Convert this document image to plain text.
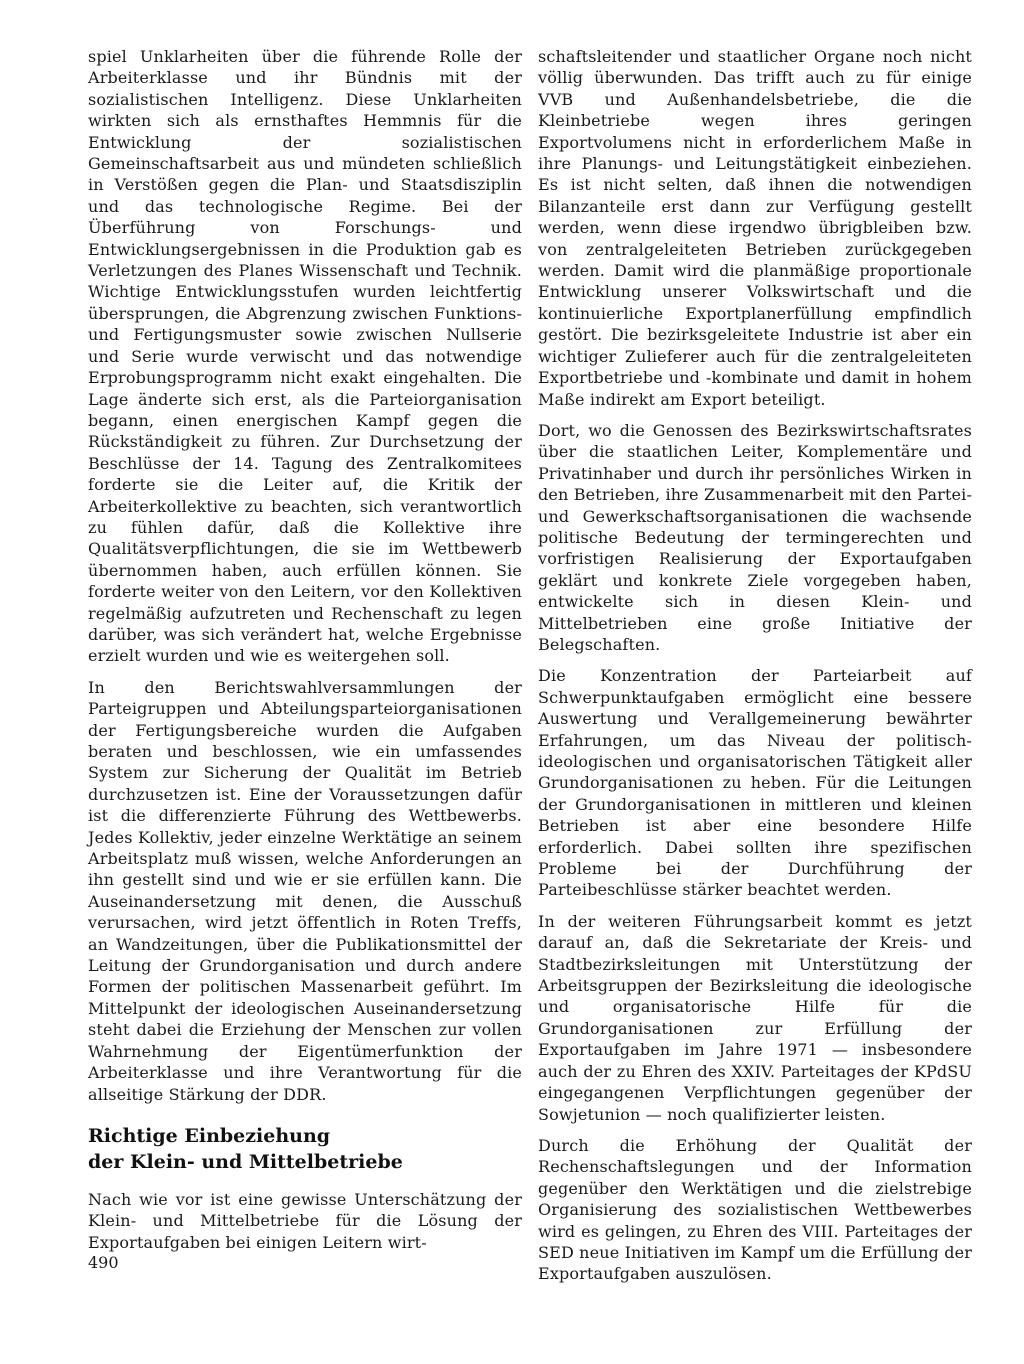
spiel Unklarheiten über die führende Rolle der Arbeiterklasse und ihr Bündnis mit der sozialistischen Intelligenz. Diese Unklarheiten wirkten sich als ernsthaftes Hemmnis für die Entwicklung der sozialistischen Gemeinschaftsarbeit aus und mündeten schließlich in Verstößen gegen die Plan- und Staatsdisziplin und das technologische Regime. Bei der Überführung von Forschungs- und Entwicklungsergebnissen in die Produktion gab es Verletzungen des Planes Wissenschaft und Technik. Wichtige Entwicklungsstufen wurden leichtfertig übersprungen, die Abgrenzung zwischen Funktions- und Fertigungsmuster sowie zwischen Nullserie und Serie wurde verwischt und das notwendige Erprobungsprogramm nicht exakt eingehalten. Die Lage änderte sich erst, als die Parteiorganisation begann, einen energischen Kampf gegen die Rückständigkeit zu führen. Zur Durchsetzung der Beschlüsse der 14. Tagung des Zentralkomitees forderte sie die Leiter auf, die Kritik der Arbeiterkollektive zu beachten, sich verantwortlich zu fühlen dafür, daß die Kollektive ihre Qualitätsverpflichtungen, die sie im Wettbewerb übernommen haben, auch erfüllen können. Sie forderte weiter von den Leitern, vor den Kollektiven regelmäßig aufzutreten und Rechenschaft zu legen darüber, was sich verändert hat, welche Ergebnisse erzielt wurden und wie es weitergehen soll.

In den Berichtswahlversammlungen der Parteigruppen und Abteilungsparteiorganisationen der Fertigungsbereiche wurden die Aufgaben beraten und beschlossen, wie ein umfassendes System zur Sicherung der Qualität im Betrieb durchzusetzen ist. Eine der Voraussetzungen dafür ist die differenzierte Führung des Wettbewerbs. Jedes Kollektiv, jeder einzelne Werktätige an seinem Arbeitsplatz muß wissen, welche Anforderungen an ihn gestellt sind und wie er sie erfüllen kann. Die Auseinandersetzung mit denen, die Ausschuß verursachen, wird jetzt öffentlich in Roten Treffs, an Wandzeitungen, über die Publikationsmittel der Leitung der Grundorganisation und durch andere Formen der politischen Massenarbeit geführt. Im Mittelpunkt der ideologischen Auseinandersetzung steht dabei die Erziehung der Menschen zur vollen Wahrnehmung der Eigentümerfunktion der Arbeiterklasse und ihre Verantwortung für die allseitige Stärkung der DDR.

Richtige Einbeziehung
der Klein- und Mittelbetriebe

Nach wie vor ist eine gewisse Unterschätzung der Klein- und Mittelbetriebe für die Lösung der Exportaufgaben bei einigen Leitern wirt-

schaftsleitender und staatlicher Organe noch nicht völlig überwunden. Das trifft auch zu für einige VVB und Außenhandelsbetriebe, die die Kleinbetriebe wegen ihres geringen Exportvolumens nicht in erforderlichem Maße in ihre Planungs- und Leitungstätigkeit einbeziehen. Es ist nicht selten, daß ihnen die notwendigen Bilanzanteile erst dann zur Verfügung gestellt werden, wenn diese irgendwo übrigbleiben bzw. von zentralgeleiteten Betrieben zurückgegeben werden. Damit wird die planmäßige proportionale Entwicklung unserer Volkswirtschaft und die kontinuierliche Exportplanerfüllung empfindlich gestört. Die bezirksgeleitete Industrie ist aber ein wichtiger Zulieferer auch für die zentralgeleiteten Exportbetriebe und -kombinate und damit in hohem Maße indirekt am Export beteiligt.

Dort, wo die Genossen des Bezirkswirtschaftsrates über die staatlichen Leiter, Komplementäre und Privatinhaber und durch ihr persönliches Wirken in den Betrieben, ihre Zusammenarbeit mit den Partei- und Gewerkschaftsorganisationen die wachsende politische Bedeutung der termingerechten und vorfristigen Realisierung der Exportaufgaben geklärt und konkrete Ziele vorgegeben haben, entwickelte sich in diesen Klein- und Mittelbetrieben eine große Initiative der Belegschaften.

Die Konzentration der Parteiarbeit auf Schwerpunktaufgaben ermöglicht eine bessere Auswertung und Verallgemeinerung bewährter Erfahrungen, um das Niveau der politisch-ideologischen und organisatorischen Tätigkeit aller Grundorganisationen zu heben. Für die Leitungen der Grundorganisationen in mittleren und kleinen Betrieben ist aber eine besondere Hilfe erforderlich. Dabei sollten ihre spezifischen Probleme bei der Durchführung der Parteibeschlüsse stärker beachtet werden.

In der weiteren Führungsarbeit kommt es jetzt darauf an, daß die Sekretariate der Kreis- und Stadtbezirksleitungen mit Unterstützung der Arbeitsgruppen der Bezirksleitung die ideologische und organisatorische Hilfe für die Grundorganisationen zur Erfüllung der Exportaufgaben im Jahre 1971 — insbesondere auch der zu Ehren des XXIV. Parteitages der KPdSU eingegangenen Verpflichtungen gegenüber der Sowjetunion — noch qualifizierter leisten.

Durch die Erhöhung der Qualität der Rechenschaftslegungen und der Information gegenüber den Werktätigen und die zielstrebige Organisierung des sozialistischen Wettbewerbes wird es gelingen, zu Ehren des VIII. Parteitages der SED neue Initiativen im Kampf um die Erfüllung der Exportaufgaben auszulösen.

490
